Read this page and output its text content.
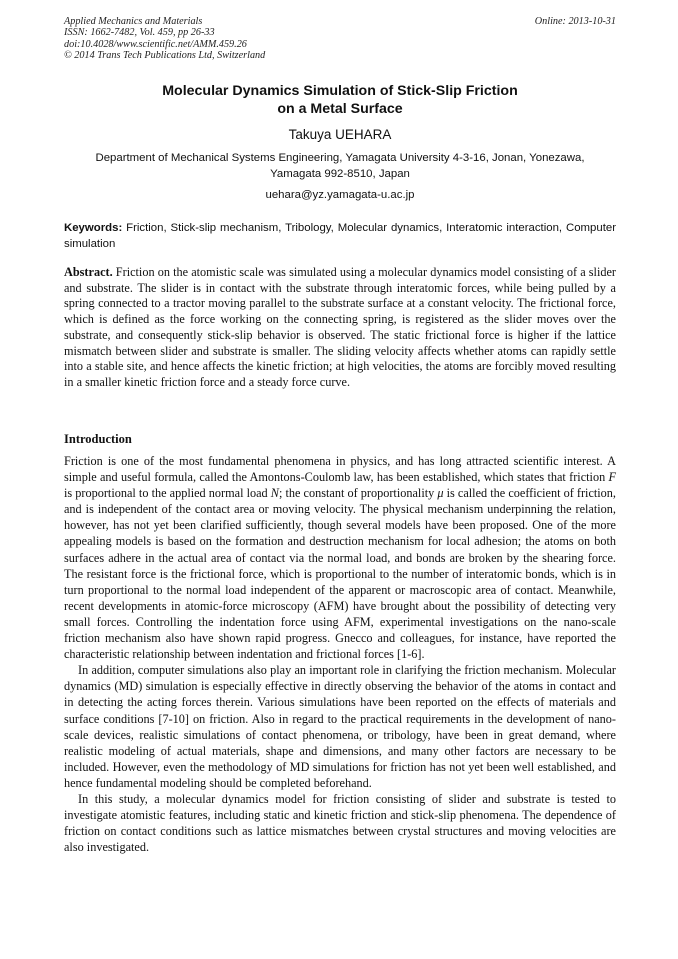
Applied Mechanics and Materials
ISSN: 1662-7482, Vol. 459, pp 26-33
doi:10.4028/www.scientific.net/AMM.459.26
© 2014 Trans Tech Publications Ltd, Switzerland
Online: 2013-10-31
Molecular Dynamics Simulation of Stick-Slip Friction
on a Metal Surface
Takuya UEHARA
Department of Mechanical Systems Engineering, Yamagata University 4-3-16, Jonan, Yonezawa,
Yamagata 992-8510, Japan
uehara@yz.yamagata-u.ac.jp
Keywords: Friction, Stick-slip mechanism, Tribology, Molecular dynamics, Interatomic interaction, Computer simulation
Abstract. Friction on the atomistic scale was simulated using a molecular dynamics model consisting of a slider and substrate. The slider is in contact with the substrate through interatomic forces, while being pulled by a spring connected to a tractor moving parallel to the substrate surface at a constant velocity. The frictional force, which is defined as the force working on the connecting spring, is registered as the slider moves over the substrate, and consequently stick-slip behavior is observed. The static frictional force is higher if the lattice mismatch between slider and substrate is smaller. The sliding velocity affects whether atoms can rapidly settle into a stable site, and hence affects the kinetic friction; at high velocities, the atoms are forcibly moved resulting in a smaller kinetic friction force and a steady force curve.
Introduction

Friction is one of the most fundamental phenomena in physics, and has long attracted scientific interest. A simple and useful formula, called the Amontons-Coulomb law, has been established, which states that friction F is proportional to the applied normal load N; the constant of proportionality μ is called the coefficient of friction, and is independent of the contact area or moving velocity. The physical mechanism underpinning the relation, however, has not yet been clarified sufficiently, though several models have been proposed. One of the more appealing models is based on the formation and destruction mechanism for local adhesion; the atoms on both surfaces adhere in the actual area of contact via the normal load, and bonds are broken by the shearing force. The resistant force is the frictional force, which is proportional to the number of interatomic bonds, which is in turn proportional to the normal load independent of the apparent or macroscopic area of contact. Meanwhile, recent developments in atomic-force microscopy (AFM) have brought about the possibility of detecting very small forces. Controlling the indentation force using AFM, experimental investigations on the nano-scale friction mechanism also have shown rapid progress. Gnecco and colleagues, for instance, have reported the characteristic relationship between indentation and frictional forces [1-6].

In addition, computer simulations also play an important role in clarifying the friction mechanism. Molecular dynamics (MD) simulation is especially effective in directly observing the behavior of the atoms in contact and in detecting the acting forces therein. Various simulations have been reported on the effects of materials and surface conditions [7-10] on friction. Also in regard to the practical requirements in the development of nano-scale devices, realistic simulations of contact phenomena, or tribology, have been in great demand, where realistic modeling of actual materials, shape and dimensions, and many other factors are necessary to be included. However, even the methodology of MD simulations for friction has not yet been well established, and hence fundamental modeling should be completed beforehand.

In this study, a molecular dynamics model for friction consisting of slider and substrate is tested to investigate atomistic features, including static and kinetic friction and stick-slip phenomena. The dependence of friction on contact conditions such as lattice mismatches between crystal structures and moving velocities are also investigated.
